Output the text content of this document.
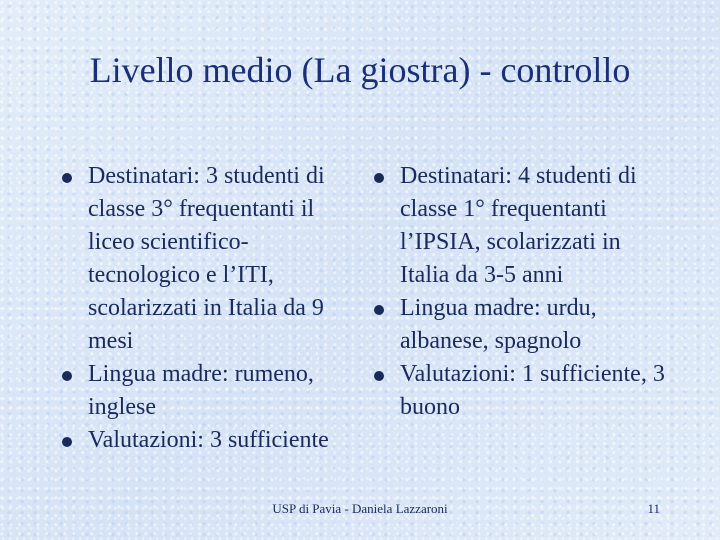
Livello medio (La giostra) - controllo
Destinatari: 3 studenti di classe 3° frequentanti il liceo scientifico-tecnologico e l’ITI, scolarizzati in Italia da 9 mesi
Lingua madre: rumeno, inglese
Valutazioni: 3 sufficiente
Destinatari: 4 studenti di classe 1° frequentanti l’IPSIA, scolarizzati in Italia da 3-5 anni
Lingua madre: urdu, albanese, spagnolo
Valutazioni: 1 sufficiente, 3 buono
USP di Pavia - Daniela Lazzaroni	11
